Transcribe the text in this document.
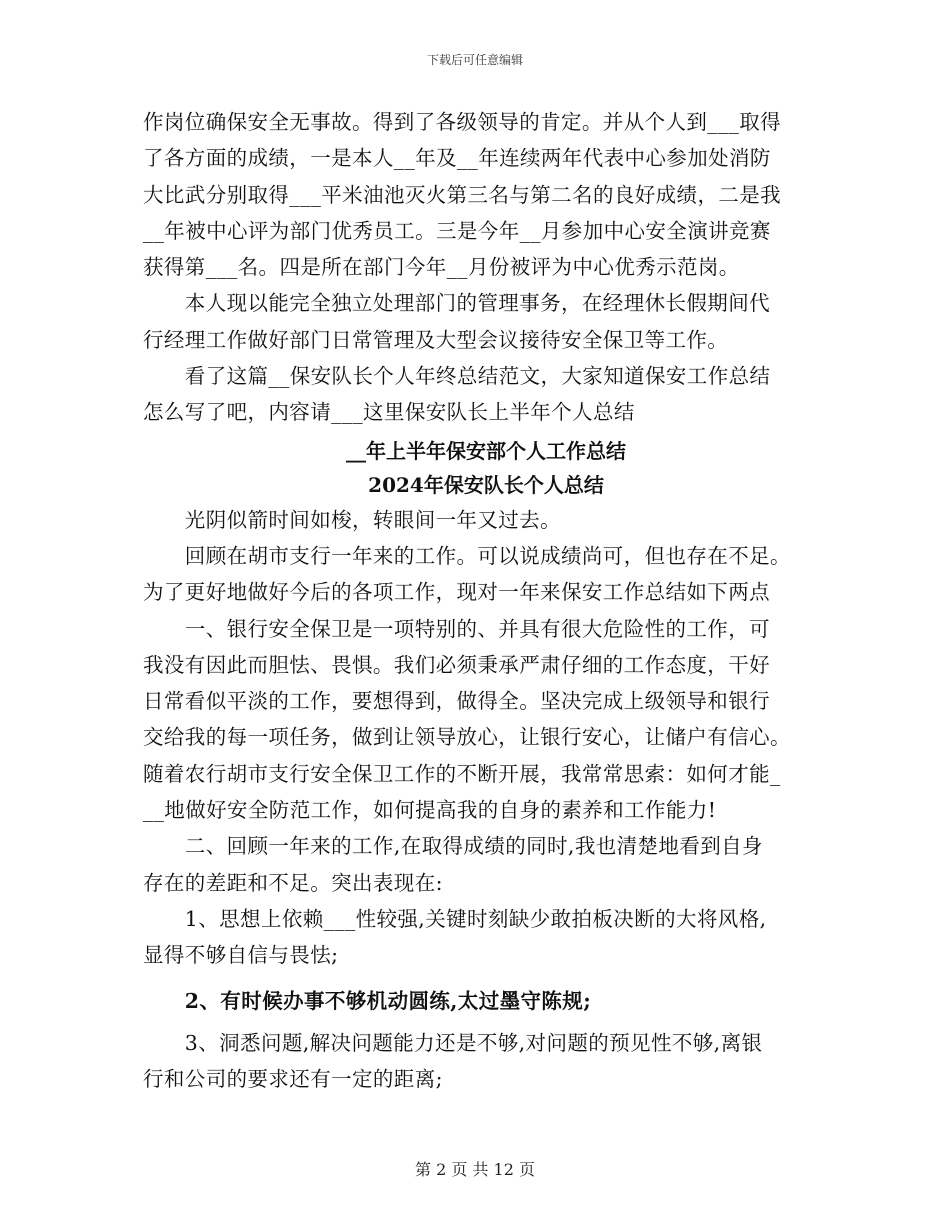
下载后可任意编辑

作岗位确保安全无事故。得到了各级领导的肯定。并从个人到___取得

了各方面的成绩，一是本人__年及__年连续两年代表中心参加处消防

大比武分别取得___平米油池灭火第三名与第二名的良好成绩，二是我

__年被中心评为部门优秀员工。三是今年__月参加中心安全演讲竞赛

获得第___名。四是所在部门今年__月份被评为中心优秀示范岗。

　　本人现以能完全独立处理部门的管理事务，在经理休长假期间代

行经理工作做好部门日常管理及大型会议接待安全保卫等工作。

　　看了这篇__保安队长个人年终总结范文，大家知道保安工作总结

怎么写了吧，内容请___这里保安队长上半年个人总结

__年上半年保安部个人工作总结
2024年保安队长个人总结

　　光阴似箭时间如梭，转眼间一年又过去。

　　回顾在胡市支行一年来的工作。可以说成绩尚可，但也存在不足。

为了更好地做好今后的各项工作，现对一年来保安工作总结如下两点

　　一、银行安全保卫是一项特别的、并具有很大危险性的工作，可

我没有因此而胆怯、畏惧。我们必须秉承严肃仔细的工作态度，干好

日常看似平淡的工作，要想得到，做得全。坚决完成上级领导和银行

交给我的每一项任务，做到让领导放心，让银行安心，让储户有信心。

随着农行胡市支行安全保卫工作的不断开展，我常常思索：如何才能_

__地做好安全防范工作，如何提高我的自身的素养和工作能力!

　　二、回顾一年来的工作,在取得成绩的同时,我也清楚地看到自身

存在的差距和不足。突出表现在:

　　1、思想上依赖___性较强,关键时刻缺少敢拍板决断的大将风格,

显得不够自信与畏怯;

　　2、有时候办事不够机动圆练,太过墨守陈规;

　　3、洞悉问题,解决问题能力还是不够,对问题的预见性不够,离银

行和公司的要求还有一定的距离;

第 2 页 共 12 页
